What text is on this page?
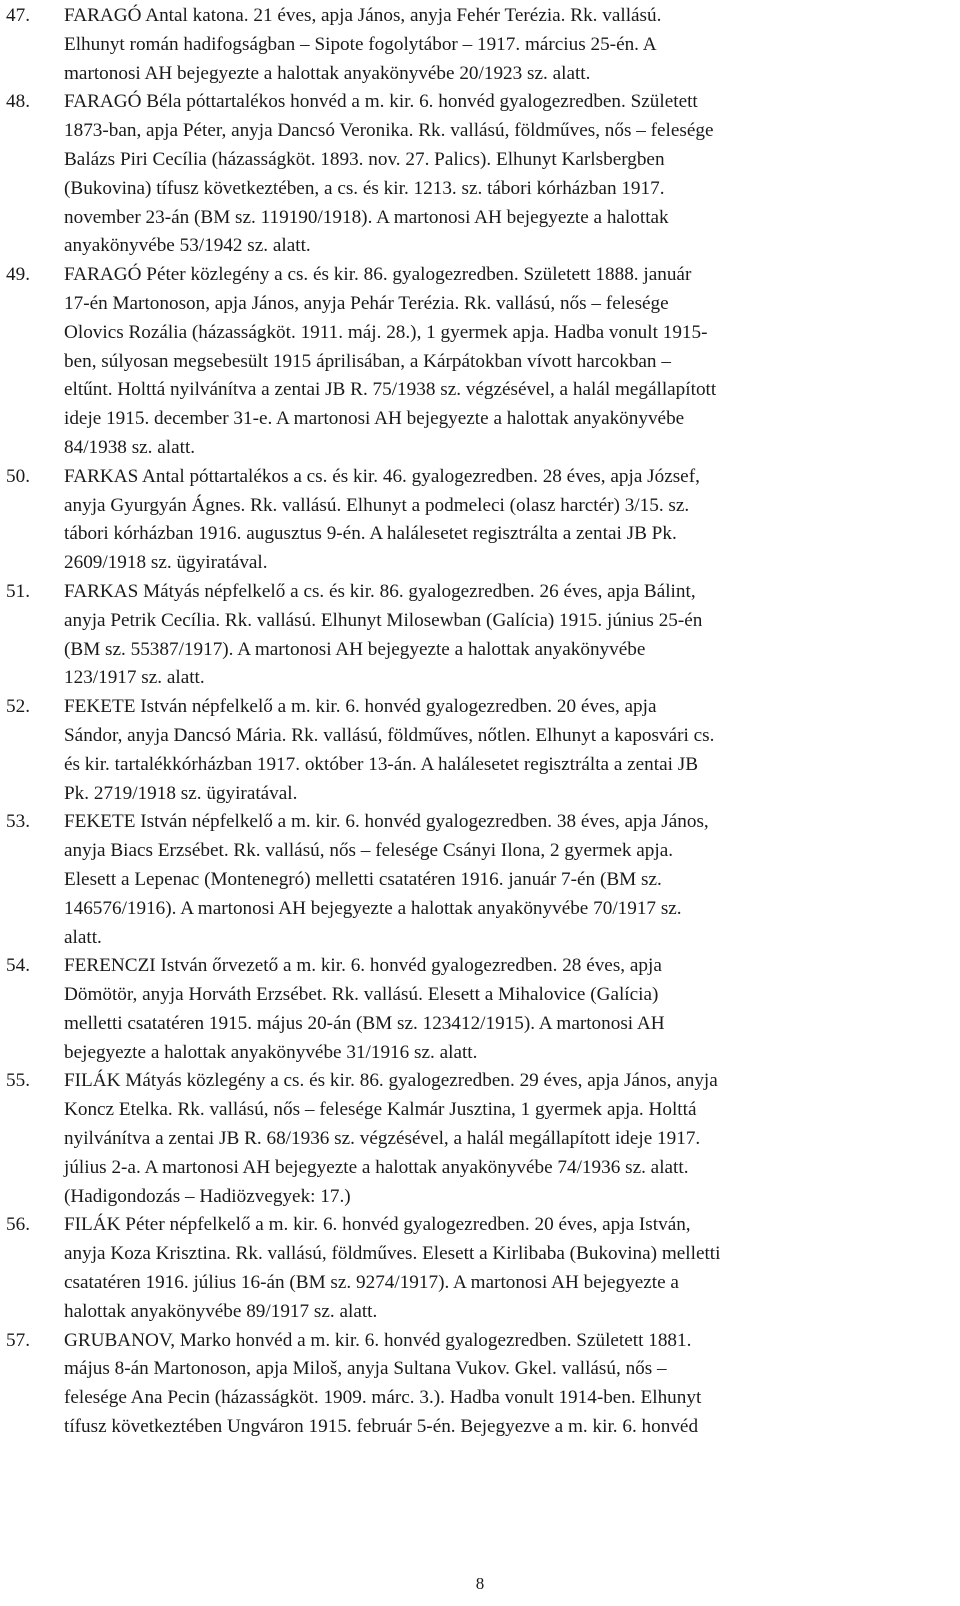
47.	FARAGÓ Antal katona. 21 éves, apja János, anyja Fehér Terézia. Rk. vallású.
Elhunyt román hadifogságban – Sipote fogolytábor – 1917. március 25-én. A
martonosi AH bejegyezte a halottak anyakönyvébe 20/1923 sz. alatt.
48.	FARAGÓ Béla póttartalékos honvéd a m. kir. 6. honvéd gyalogezredben. Született
1873-ban, apja Péter, anyja Dancsó Veronika. Rk. vallású, földműves, nős – felesége
Balázs Piri Cecília (házasságköt. 1893. nov. 27. Palics). Elhunyt Karlsbergben
(Bukovina) tífusz következtében, a cs. és kir. 1213. sz. tábori kórházban 1917.
november 23-án (BM sz. 119190/1918). A martonosi AH bejegyezte a halottak
anyakönyvébe 53/1942 sz. alatt.
49.	FARAGÓ Péter közlegény a cs. és kir. 86. gyalogezredben. Született 1888. január
17-én Martonoson, apja János, anyja Pehár Terézia. Rk. vallású, nős – felesége
Olovics Rozália (házasságköt. 1911. máj. 28.), 1 gyermek apja. Hadba vonult 1915-
ben, súlyosan megsebesült 1915 áprilisában, a Kárpátokban vívott harcokban –
eltűnt. Holttá nyilvánítva a zentai JB R. 75/1938 sz. végzésével, a halál megállapított
ideje 1915. december 31-e. A martonosi AH bejegyezte a halottak anyakönyvébe
84/1938 sz. alatt.
50.	FARKAS Antal póttartalékos a cs. és kir. 46. gyalogezredben. 28 éves, apja József,
anyja Gyurgyán Ágnes. Rk. vallású. Elhunyt a podmeleci (olasz harctér) 3/15. sz.
tábori kórházban 1916. augusztus 9-én. A halálesetet regisztrálta a zentai JB Pk.
2609/1918 sz. ügyiratával.
51.	FARKAS Mátyás népfelkelő a cs. és kir. 86. gyalogezredben. 26 éves, apja Bálint,
anyja Petrik Cecília. Rk. vallású. Elhunyt Milosewban (Galícia) 1915. június 25-én
(BM sz. 55387/1917). A martonosi AH bejegyezte a halottak anyakönyvébe
123/1917 sz. alatt.
52.	FEKETE István népfelkelő a m. kir. 6. honvéd gyalogezredben. 20 éves, apja
Sándor, anyja Dancsó Mária. Rk. vallású, földműves, nőtlen. Elhunyt a kaposvári cs.
és kir. tartalékkórházban 1917. október 13-án. A halálesetet regisztrálta a zentai JB
Pk. 2719/1918 sz. ügyiratával.
53.	FEKETE István népfelkelő a m. kir. 6. honvéd gyalogezredben. 38 éves, apja János,
anyja Biacs Erzsébet. Rk. vallású, nős – felesége Csányi Ilona, 2 gyermek apja.
Elesett a Lepenac (Montenegró) melletti csatatéren 1916. január 7-én (BM sz.
146576/1916). A martonosi AH bejegyezte a halottak anyakönyvébe 70/1917 sz.
alatt.
54.	FERENCZI István őrvezető a m. kir. 6. honvéd gyalogezredben. 28 éves, apja
Dömötör, anyja Horváth Erzsébet. Rk. vallású. Elesett a Mihalovice (Galícia)
melletti csatatéren 1915. május 20-án (BM sz. 123412/1915). A martonosi AH
bejegyezte a halottak anyakönyvébe 31/1916 sz. alatt.
55.	FILÁK Mátyás közlegény a cs. és kir. 86. gyalogezredben. 29 éves, apja János, anyja
Koncz Etelka. Rk. vallású, nős – felesége Kalmár Jusztina, 1 gyermek apja. Holttá
nyilvánítva a zentai JB R. 68/1936 sz. végzésével, a halál megállapított ideje 1917.
július 2-a. A martonosi AH bejegyezte a halottak anyakönyvébe 74/1936 sz. alatt.
(Hadigondozás – Hadiözvegyek: 17.)
56.	FILÁK Péter népfelkelő a m. kir. 6. honvéd gyalogezredben. 20 éves, apja István,
anyja Koza Krisztina. Rk. vallású, földműves. Elesett a Kirlibaba (Bukovina) melletti
csatatéren 1916. július 16-án (BM sz. 9274/1917). A martonosi AH bejegyezte a
halottak anyakönyvébe 89/1917 sz. alatt.
57.	GRUBANOV, Marko honvéd a m. kir. 6. honvéd gyalogezredben. Született 1881.
május 8-án Martonoson, apja Miloš, anyja Sultana Vukov. Gkel. vallású, nős –
felesége Ana Pecin (házasságköt. 1909. márc. 3.). Hadba vonult 1914-ben. Elhunyt
tífusz következtében Ungváron 1915. február 5-én. Bejegyezve a m. kir. 6. honvéd
8
